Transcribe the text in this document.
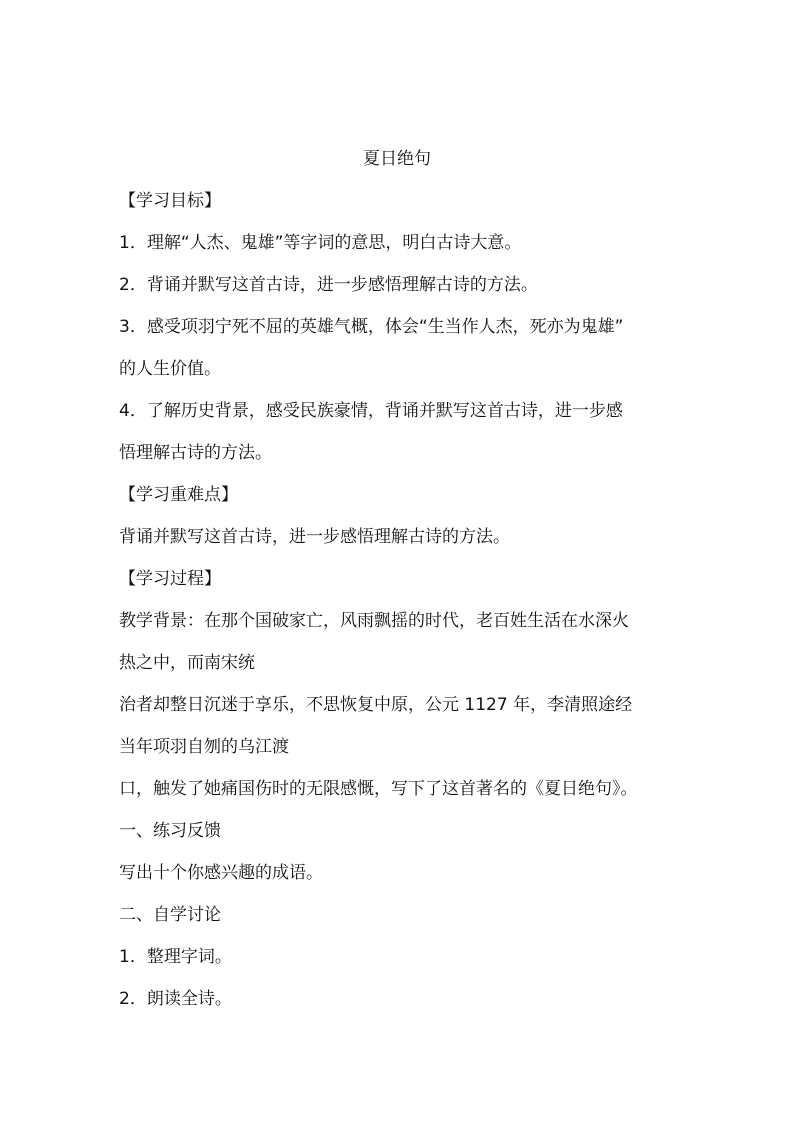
夏日绝句
【学习目标】
1．理解“人杰、鬼雄”等字词的意思，明白古诗大意。
2．背诵并默写这首古诗，进一步感悟理解古诗的方法。
3．感受项羽宁死不屈的英雄气概，体会“生当作人杰，死亦为鬼雄”
的人生价值。
4．了解历史背景，感受民族豪情，背诵并默写这首古诗，进一步感
悟理解古诗的方法。
【学习重难点】
背诵并默写这首古诗，进一步感悟理解古诗的方法。
【学习过程】
教学背景：在那个国破家亡，风雨飘摇的时代，老百姓生活在水深火
热之中，而南宋统
治者却整日沉迷于享乐，不思恢复中原，公元 1127 年，李清照途经
当年项羽自刎的乌江渡
口，触发了她痛国伤时的无限感慨，写下了这首著名的《夏日绝句》。
一、练习反馈
写出十个你感兴趣的成语。
二、自学讨论
1．整理字词。
2．朗读全诗。
